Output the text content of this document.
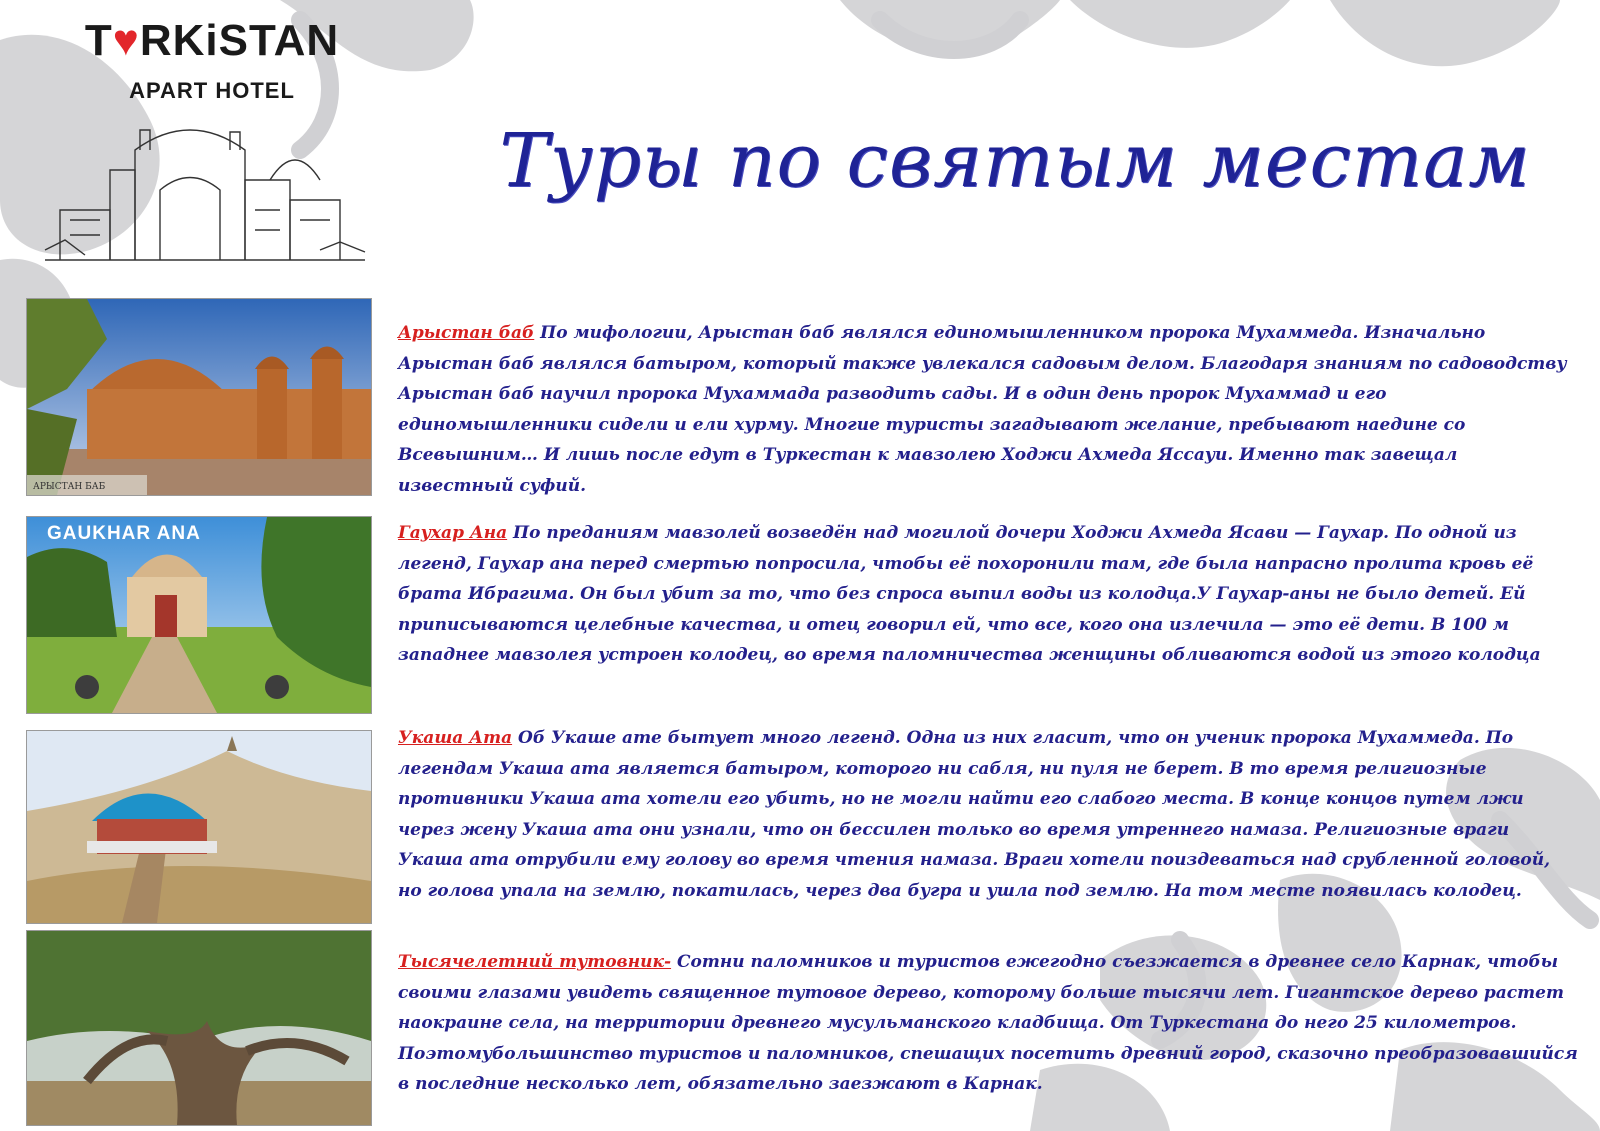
T♥RKiSTAN
APART HOTEL
Туры по святым местам
АРЫСТАН БАБ
GAUKHAR ANA
Арыстан баб По мифологии, Арыстан баб являлся единомышленником пророка Мухаммеда. Изначально Арыстан баб являлся батыром, который также увлекался садовым делом. Благодаря знаниям по садоводству Арыстан баб научил пророка Мухаммада разводить сады. И в один день пророк Мухаммад и его единомышленники сидели и ели хурму. Многие туристы загадывают желание, пребывают наедине со Всевышним… И лишь после едут в Туркестан к мавзолею Ходжи Ахмеда Яссауи. Именно так завещал известный суфий.
Гаухар Ана По преданиям мавзолей возведён над могилой дочери Ходжи Ахмеда Ясави — Гаухар. По одной из легенд, Гаухар ана перед смертью попросила, чтобы её похоронили там, где была напрасно пролита кровь её брата Ибрагима. Он был убит за то, что без спроса выпил воды из колодца.У Гаухар-аны не было детей. Ей приписываются целебные качества, и отец говорил ей, что все, кого она излечила — это её дети. В 100 м западнее мавзолея устроен колодец, во время паломничества женщины обливаются водой из этого колодца
Укаша Ата Об Укаше ате бытует много легенд. Одна из них гласит, что он ученик пророка Мухаммеда. По легендам Укаша ата является батыром, которого ни сабля, ни пуля не берет. В то время религиозные противники Укаша ата хотели его убить, но не могли найти его слабого места. В конце концов путем лжи через жену Укаша ата они узнали, что он бессилен только во время утреннего намаза. Религиозные враги Укаша ата отрубили ему голову во время чтения намаза. Враги хотели поиздеваться над срубленной головой, но голова упала на землю, покатилась, через два бугра и ушла под землю. На том месте появилась колодец.
Тысячелетний тутовник- Сотни паломников и туристов ежегодно съезжается в древнее село Карнак, чтобы своими глазами увидеть священное тутовое дерево, которому больше тысячи лет. Гигантское дерево растет наокраине села, на территории древнего мусульманского кладбища. От Туркестана до него 25 километров. Поэтомубольшинство туристов и паломников, спешащих посетить древний город, сказочно преобразовавшийся в последние несколько лет, обязательно заезжают в Карнак.
